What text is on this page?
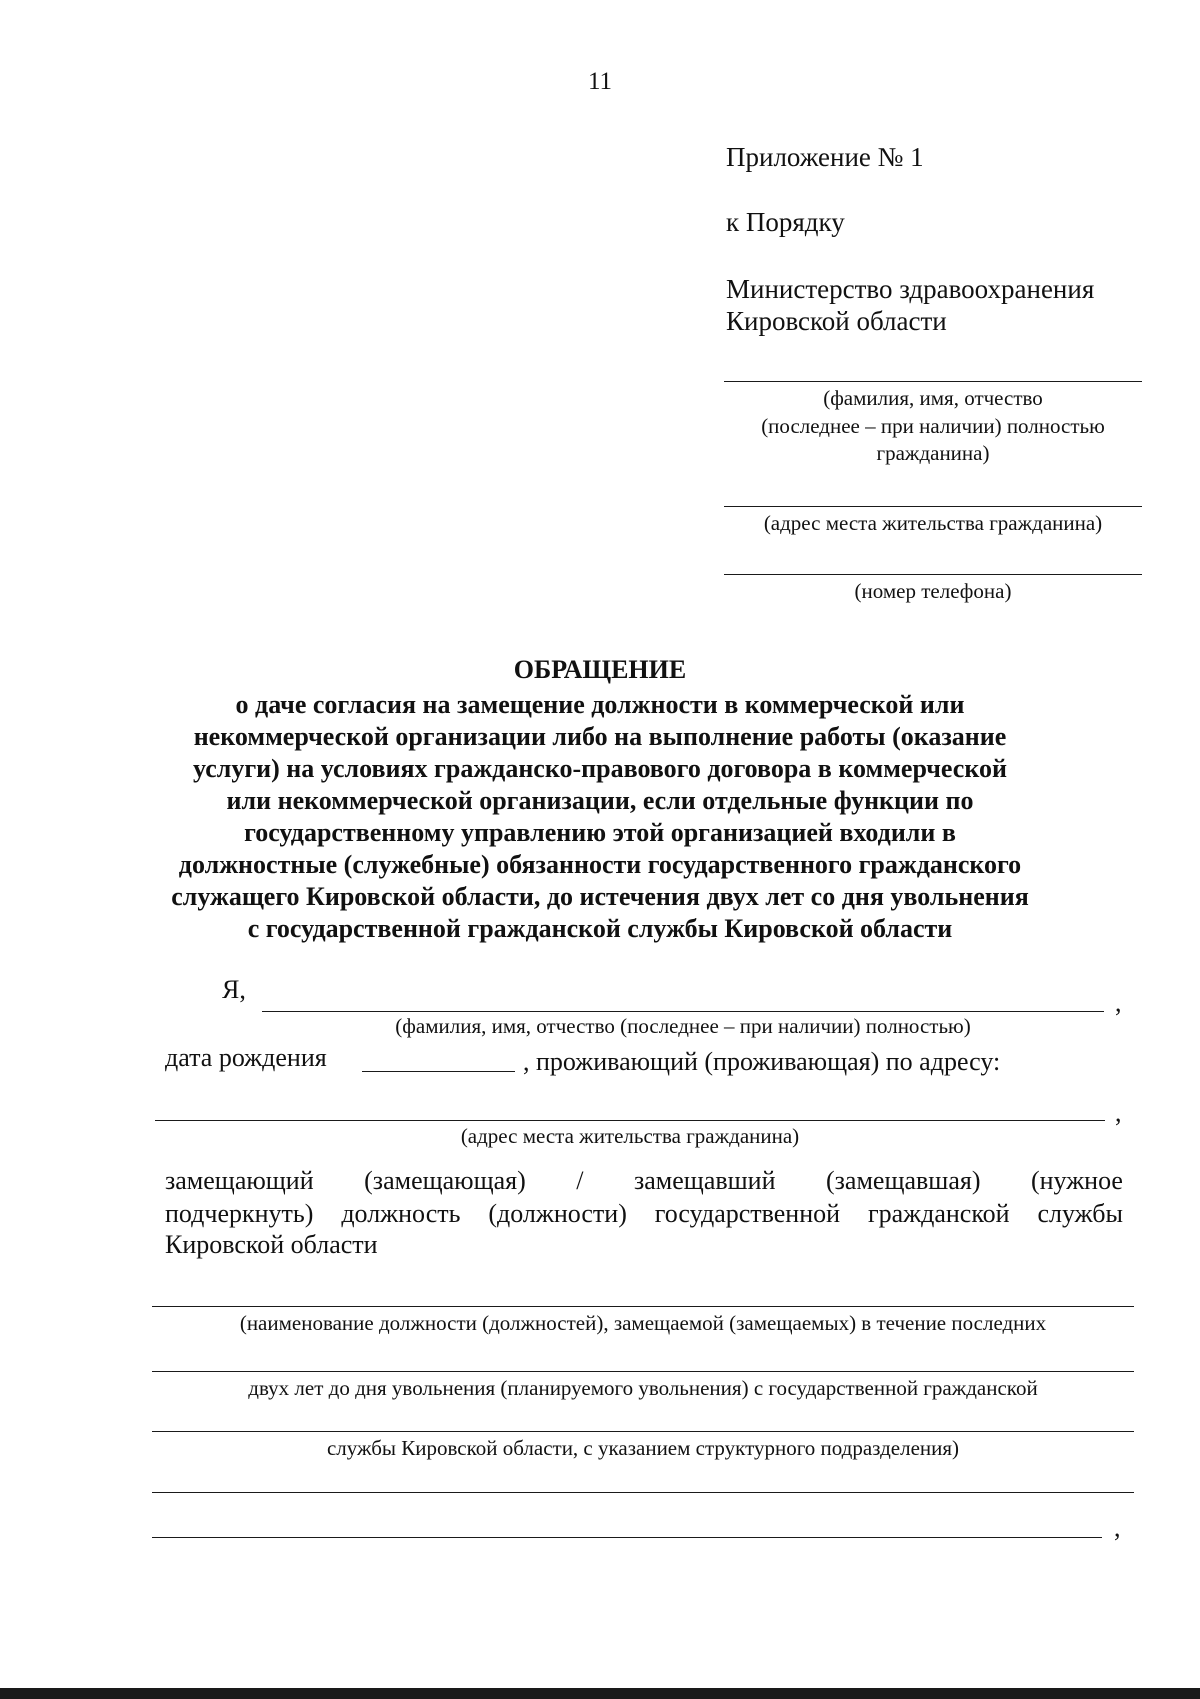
11
Приложение № 1
к Порядку
Министерство здравоохранения
Кировской области
(фамилия, имя, отчество
(последнее – при наличии) полностью
гражданина)
(адрес места жительства гражданина)
(номер телефона)
ОБРАЩЕНИЕ
о даче согласия на замещение должности в коммерческой или
некоммерческой организации либо на выполнение работы (оказание
услуги) на условиях гражданско-правового договора в коммерческой
или некоммерческой организации, если отдельные функции по
государственному управлению этой организацией входили в
должностные (служебные) обязанности государственного гражданского
служащего Кировской области, до истечения двух лет со дня увольнения
с государственной гражданской службы Кировской области
Я,	,
(фамилия, имя, отчество (последнее – при наличии) полностью)
дата рождения	, проживающий (проживающая) по адресу:
,
(адрес места жительства гражданина)
замещающий (замещающая) / замещавший (замещавшая) (нужное
подчеркнуть) должность (должности) государственной гражданской службы
Кировской области
(наименование должности (должностей), замещаемой (замещаемых) в течение последних
двух лет до дня увольнения (планируемого увольнения) с государственной гражданской
службы Кировской области, с указанием структурного подразделения)
,
